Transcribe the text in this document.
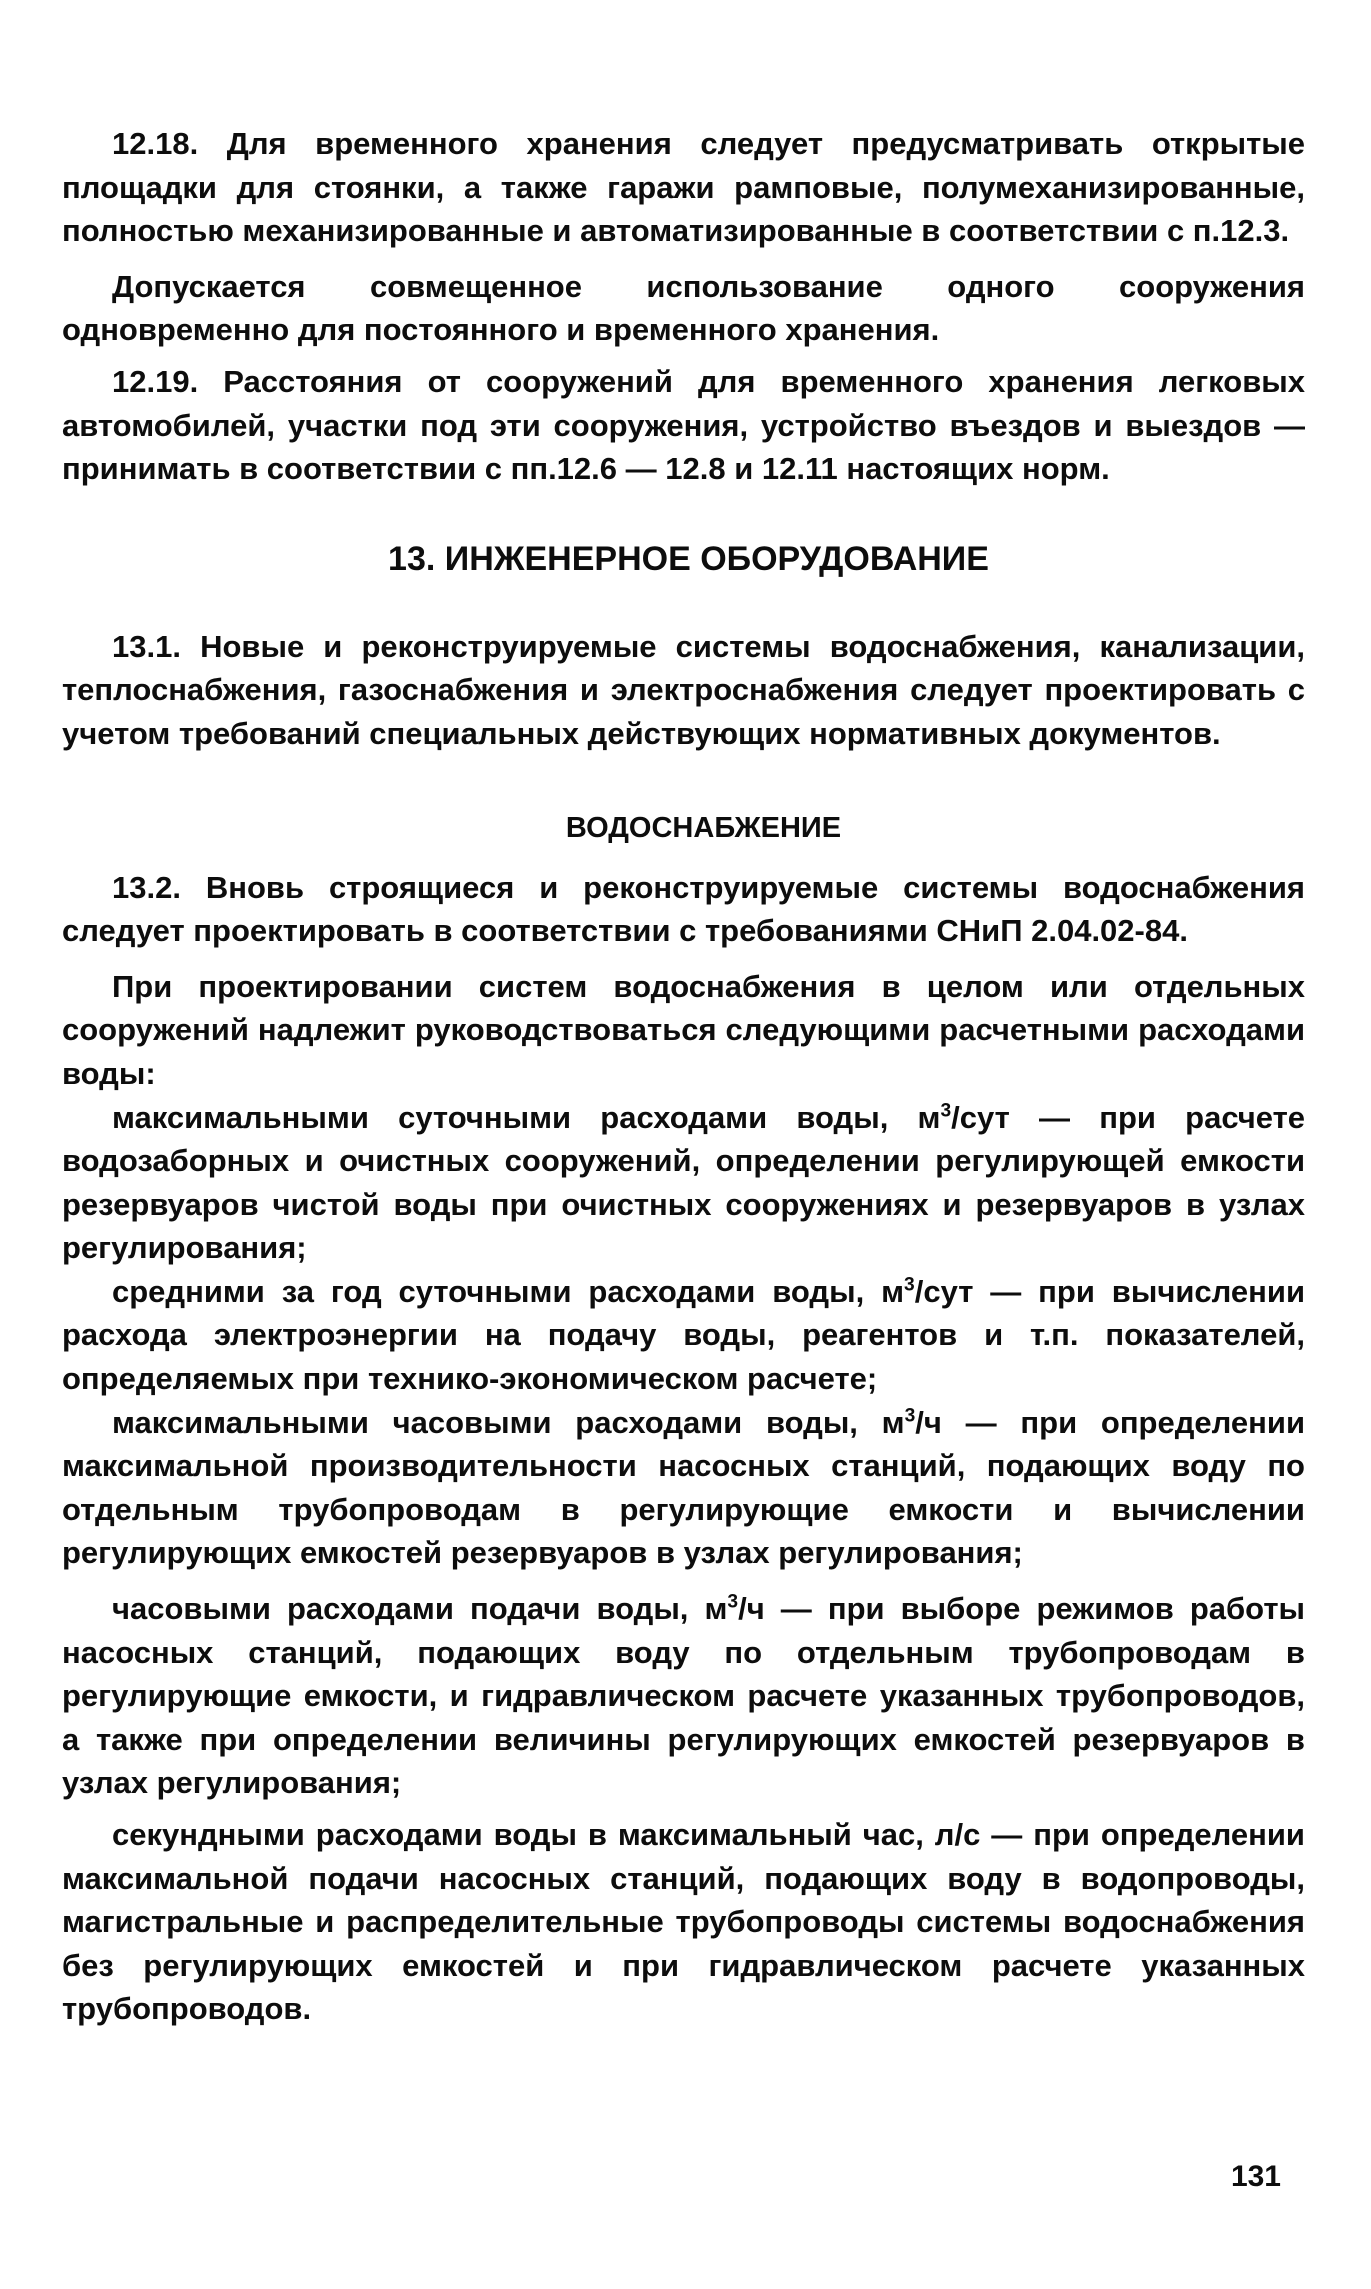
12.18. Для временного хранения следует предусматривать открытые площадки для стоянки, а также гаражи рамповые, полумеханизированные, полностью механизированные и автоматизированные в соответствии с п.12.3.

Допускается совмещенное использование одного сооружения одновременно для постоянного и временного хранения.

12.19. Расстояния от сооружений для временного хранения легковых автомобилей, участки под эти сооружения, устройство въездов и выездов — принимать в соответствии с пп.12.6 — 12.8 и 12.11 настоящих норм.

13. ИНЖЕНЕРНОЕ ОБОРУДОВАНИЕ

13.1. Новые и реконструируемые системы водоснабжения, канализации, теплоснабжения, газоснабжения и электроснабжения следует проектировать с учетом требований специальных действующих нормативных документов.

ВОДОСНАБЖЕНИЕ

13.2. Вновь строящиеся и реконструируемые системы водоснабжения следует проектировать в соответствии с требованиями СНиП 2.04.02-84.

При проектировании систем водоснабжения в целом или отдельных сооружений надлежит руководствоваться следующими расчетными расходами воды:

максимальными суточными расходами воды, $м^3$/сут — при расчете водозаборных и очистных сооружений, определении регулирующей емкости резервуаров чистой воды при очистных сооружениях и резервуаров в узлах регулирования;

средними за год суточными расходами воды, $м^3$/сут — при вычислении расхода электроэнергии на подачу воды, реагентов и т.п. показателей, определяемых при технико-экономическом расчете;

максимальными часовыми расходами воды, $м^3/ч$ — при определении максимальной производительности насосных станций, подающих воду по отдельным трубопроводам в регулирующие емкости и вычислении регулирующих емкостей резервуаров в узлах регулирования;

часовыми расходами подачи воды, $м^3/ч$ — при выборе режимов работы насосных станций, подающих воду по отдельным трубопроводам в регулирующие емкости, и гидравлическом расчете указанных трубопроводов, а также при определении величины регулирующих емкостей резервуаров в узлах регулирования;

секундными расходами воды в максимальный час, л/с — при определении максимальной подачи насосных станций, подающих воду в водопроводы, магистральные и распределительные трубопроводы системы водоснабжения без регулирующих емкостей и при гидравлическом расчете указанных трубопроводов.

131
